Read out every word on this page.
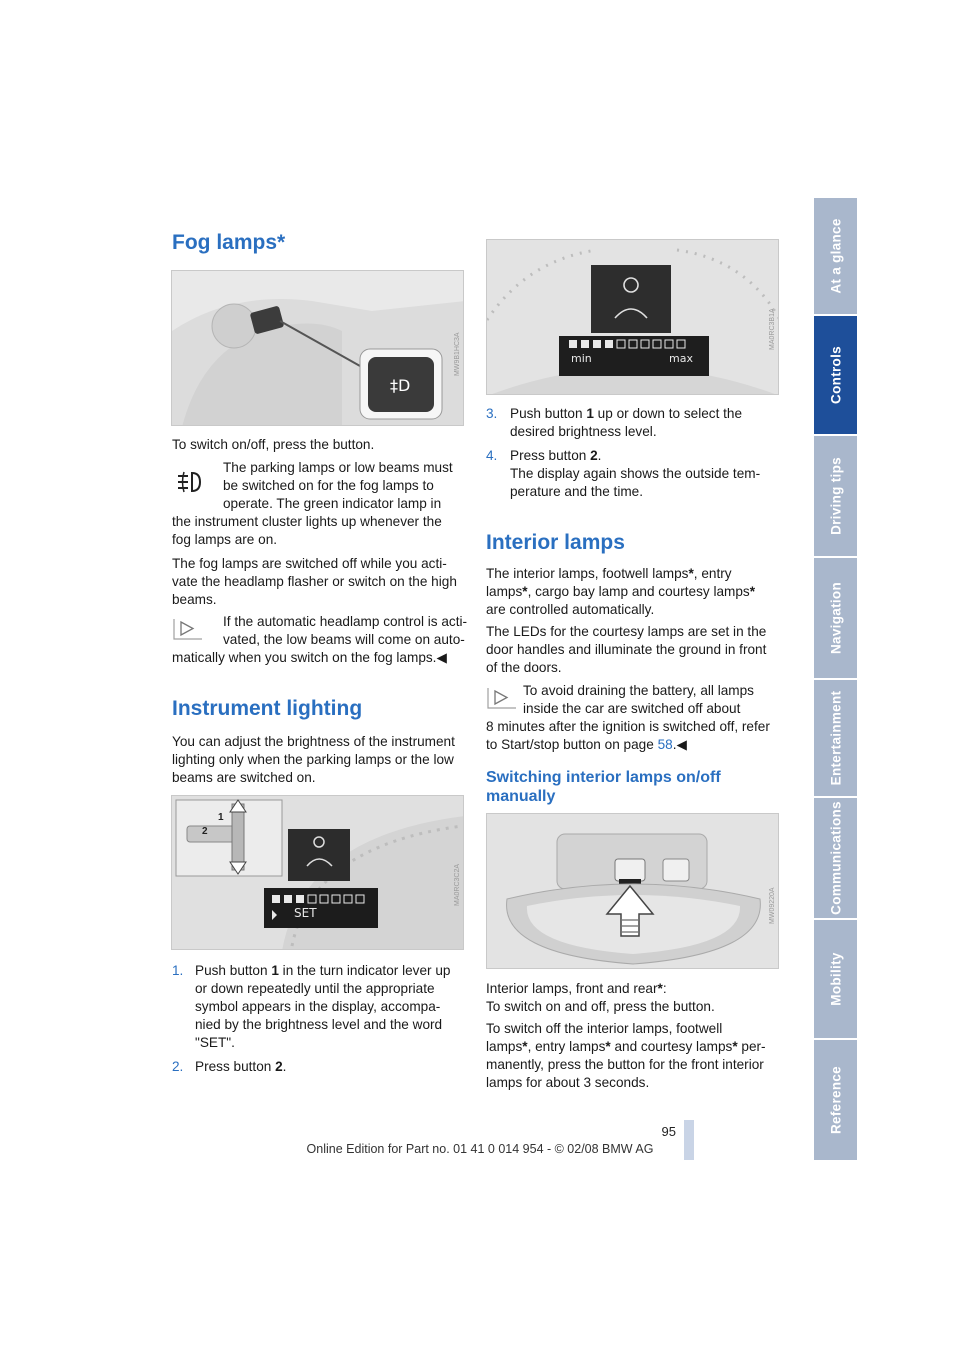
At a glance
Controls
Driving tips
Navigation
Entertainment
Communications
Mobility
Reference
Fog lamps*
‡D
MW9B1HC3A

To switch on/off, press the button.

The parking lamps or low beams must

be switched on for the fog lamps to

operate. The green indicator lamp in

the instrument cluster lights up whenever the

fog lamps are on.

The fog lamps are switched off while you acti-

vate the headlamp flasher or switch on the high

beams.

If the automatic headlamp control is acti-

vated, the low beams will come on auto-

matically when you switch on the fog lamps.◀

Instrument lighting

You can adjust the brightness of the instrument

lighting only when the parking lamps or the low

beams are switched on.

SET
1
2
MA0RC3C2A

1. Push button 1 in the turn indicator lever up

or down repeatedly until the appropriate

symbol appears in the display, accompa-

nied by the brightness level and the word

"SET".

2. Press button 2.

min	max
MA0RC3B1A

3. Push button 1 up or down to select the

desired brightness level.

4. Press button 2.

The display again shows the outside tem-

perature and the time.

Interior lamps

The interior lamps, footwell lamps*, entry

lamps*, cargo bay lamp and courtesy lamps*

are controlled automatically.

The LEDs for the courtesy lamps are set in the

door handles and illuminate the ground in front

of the doors.

To avoid draining the battery, all lamps

inside the car are switched off about

8 minutes after the ignition is switched off, refer

to Start/stop button on page 58.◀

Switching interior lamps on/off
manually
MW09220A

Interior lamps, front and rear*:

To switch on and off, press the button.

To switch off the interior lamps, footwell

lamps*, entry lamps* and courtesy lamps* per-

manently, press the button for the front interior

lamps for about 3 seconds.

95
Online Edition for Part no. 01 41 0 014 954 - © 02/08 BMW AG
